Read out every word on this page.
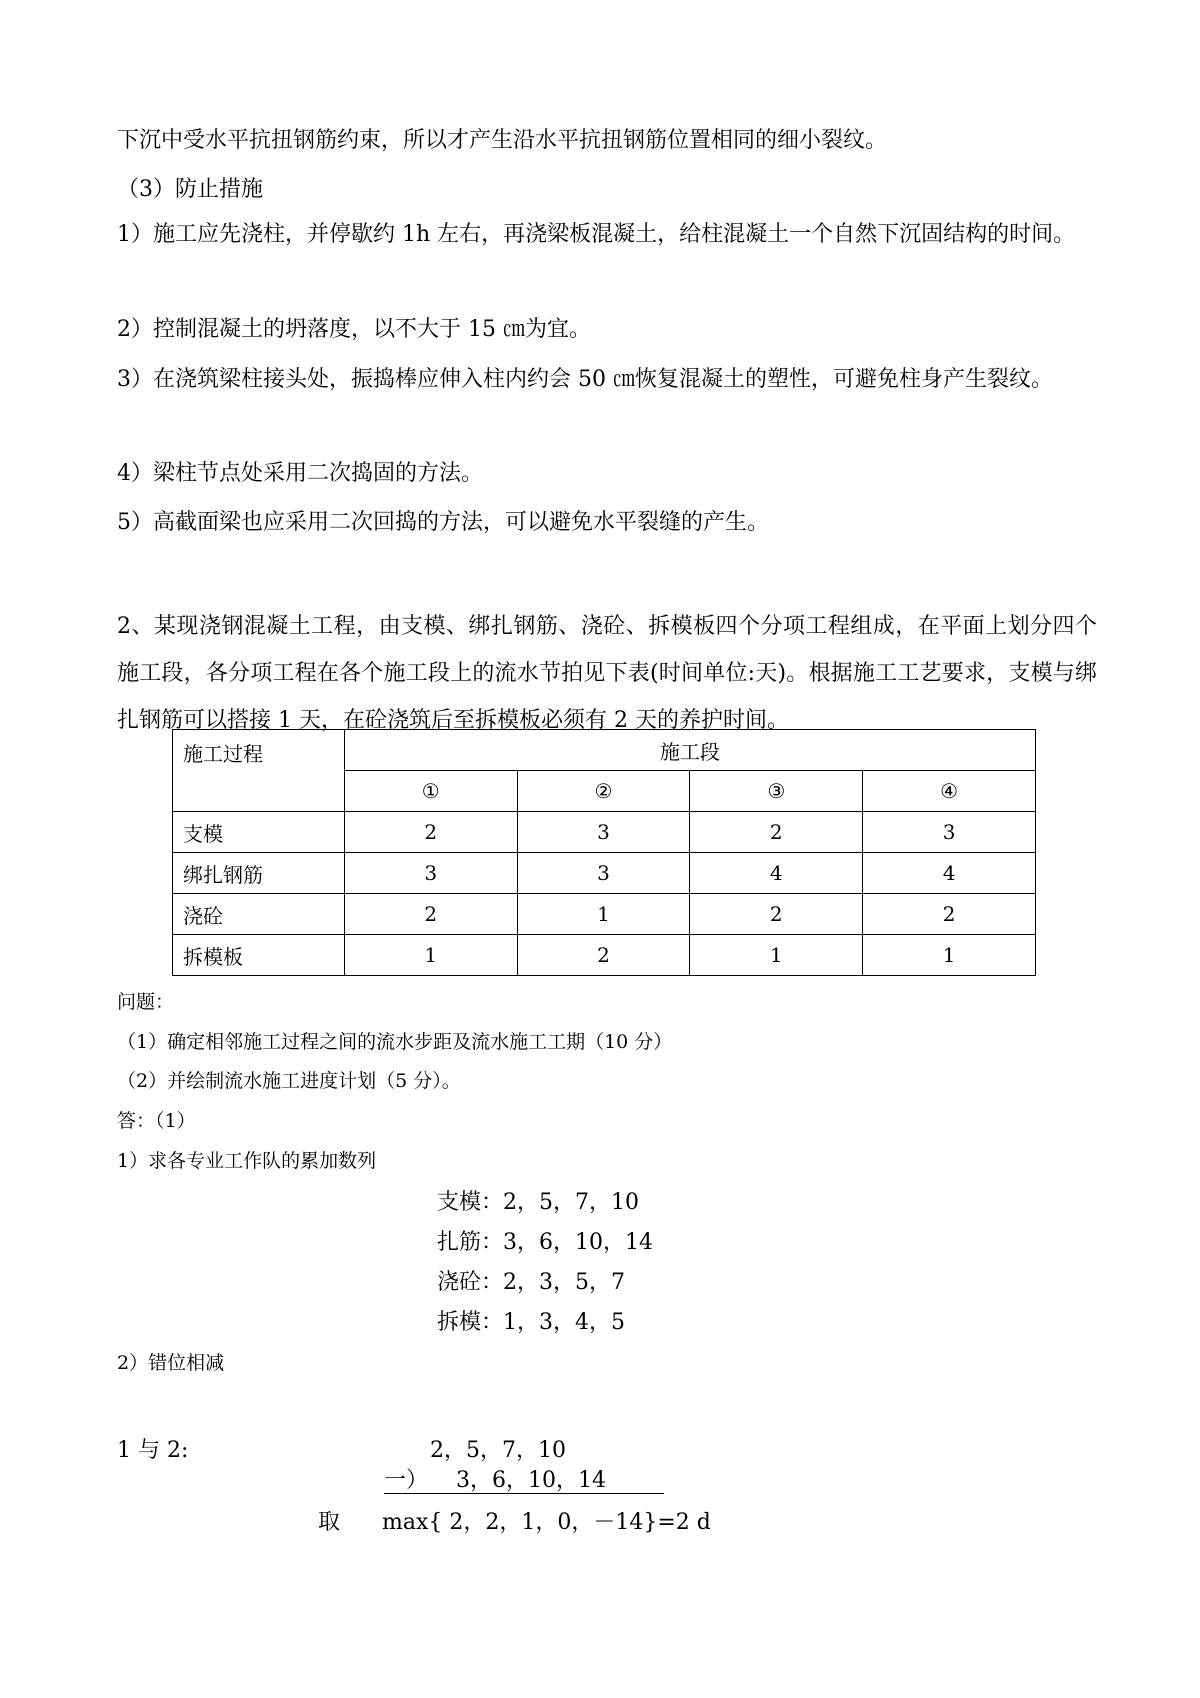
下沉中受水平抗扭钢筋约束，所以才产生沿水平抗扭钢筋位置相同的细小裂纹。
（3）防止措施
1）施工应先浇柱，并停歇约 1h 左右，再浇梁板混凝土，给柱混凝土一个自然下沉固结构的时间。
2）控制混凝土的坍落度，以不大于 15 ㎝为宜。
3）在浇筑梁柱接头处，振捣棒应伸入柱内约会 50 ㎝恢复混凝土的塑性，可避免柱身产生裂纹。
4）梁柱节点处采用二次捣固的方法。
5）高截面梁也应采用二次回捣的方法，可以避免水平裂缝的产生。
2、某现浇钢混凝土工程，由支模、绑扎钢筋、浇砼、拆模板四个分项工程组成，在平面上划分四个施工段，各分项工程在各个施工段上的流水节拍见下表(时间单位:天)。根据施工工艺要求，支模与绑扎钢筋可以搭接 1 天，在砼浇筑后至拆模板必须有 2 天的养护时间。
施工过程	施工段			
	①	②	③	④
支模	2	3	2	3
绑扎钢筋	3	3	4	4
浇砼	2	1	2	2
拆模板	1	2	1	1
问题：
（1）确定相邻施工过程之间的流水步距及流水施工工期（10 分）
（2）并绘制流水施工进度计划（5 分）。
答：（1）
1）求各专业工作队的累加数列
支模：2，5，7，10
扎筋：3，6，10，14
浇砼：2，3，5，7
拆模：1，3，4，5
2）错位相减
1 与 2:	2，5，7，10
一）    3，6，10，14
取 max{ 2，2，1，0，－14}=2 d
